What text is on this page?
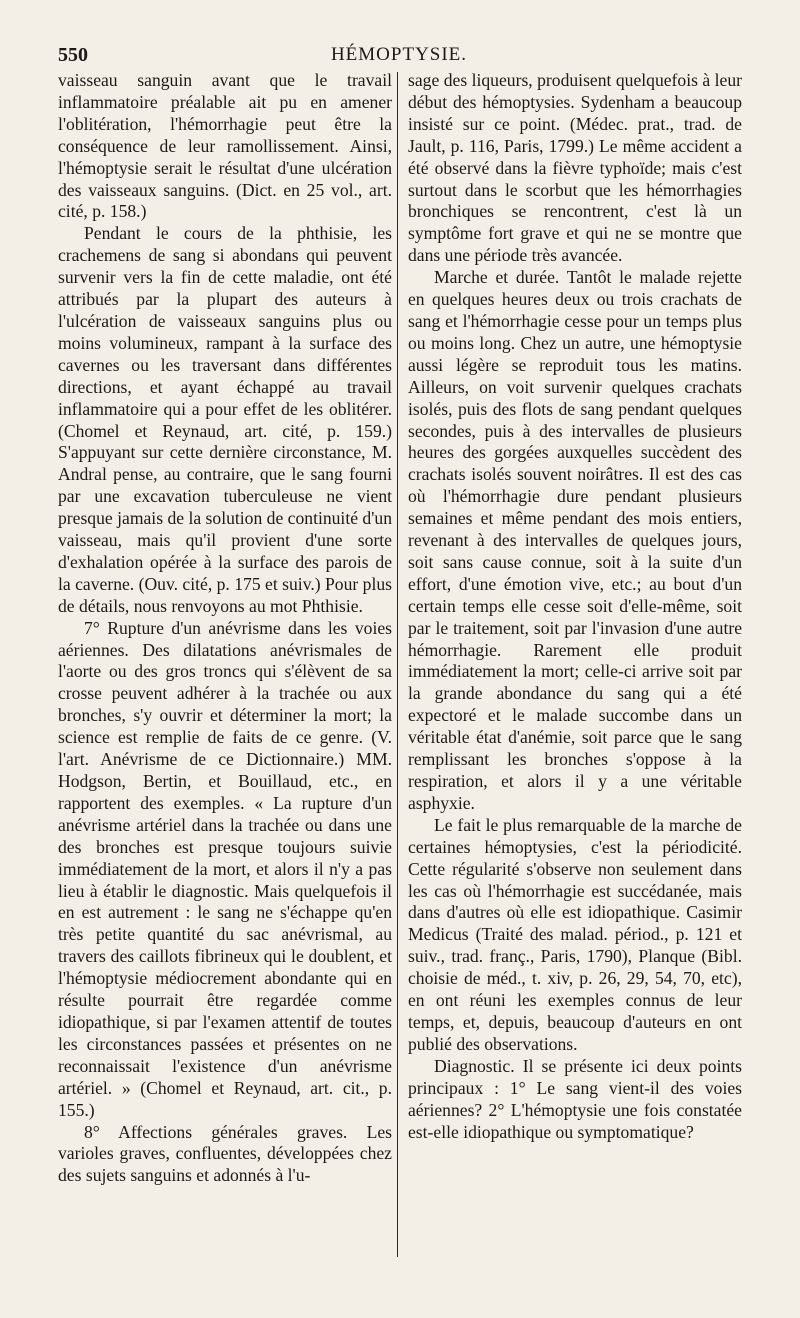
550	HÉMOPTYSIE.

vaisseau sanguin avant que le travail inflammatoire préalable ait pu en amener l'oblitération, l'hémorrhagie peut être la conséquence de leur ramollissement. Ainsi, l'hémoptysie serait le résultat d'une ulcération des vaisseaux sanguins. (Dict. en 25 vol., art. cité, p. 158.)

Pendant le cours de la phthisie, les crachemens de sang si abondans qui peuvent survenir vers la fin de cette maladie, ont été attribués par la plupart des auteurs à l'ulcération de vaisseaux sanguins plus ou moins volumineux, rampant à la surface des cavernes ou les traversant dans différentes directions, et ayant échappé au travail inflammatoire qui a pour effet de les oblitérer. (Chomel et Reynaud, art. cité, p. 159.) S'appuyant sur cette dernière circonstance, M. Andral pense, au contraire, que le sang fourni par une excavation tuberculeuse ne vient presque jamais de la solution de continuité d'un vaisseau, mais qu'il provient d'une sorte d'exhalation opérée à la surface des parois de la caverne. (Ouv. cité, p. 175 et suiv.) Pour plus de détails, nous renvoyons au mot Phthisie.

7° Rupture d'un anévrisme dans les voies aériennes. Des dilatations anévrismales de l'aorte ou des gros troncs qui s'élèvent de sa crosse peuvent adhérer à la trachée ou aux bronches, s'y ouvrir et déterminer la mort; la science est remplie de faits de ce genre. (V. l'art. Anévrisme de ce Dictionnaire.) MM. Hodgson, Bertin, et Bouillaud, etc., en rapportent des exemples. « La rupture d'un anévrisme artériel dans la trachée ou dans une des bronches est presque toujours suivie immédiatement de la mort, et alors il n'y a pas lieu à établir le diagnostic. Mais quelquefois il en est autrement : le sang ne s'échappe qu'en très petite quantité du sac anévrismal, au travers des caillots fibrineux qui le doublent, et l'hémoptysie médiocrement abondante qui en résulte pourrait être regardée comme idiopathique, si par l'examen attentif de toutes les circonstances passées et présentes on ne reconnaissait l'existence d'un anévrisme artériel. » (Chomel et Reynaud, art. cit., p. 155.)

8° Affections générales graves. Les varioles graves, confluentes, développées chez des sujets sanguins et adonnés à l'u-

sage des liqueurs, produisent quelquefois à leur début des hémoptysies. Sydenham a beaucoup insisté sur ce point. (Médec. prat., trad. de Jault, p. 116, Paris, 1799.) Le même accident a été observé dans la fièvre typhoïde; mais c'est surtout dans le scorbut que les hémorrhagies bronchiques se rencontrent, c'est là un symptôme fort grave et qui ne se montre que dans une période très avancée.

Marche et durée. Tantôt le malade rejette en quelques heures deux ou trois crachats de sang et l'hémorrhagie cesse pour un temps plus ou moins long. Chez un autre, une hémoptysie aussi légère se reproduit tous les matins. Ailleurs, on voit survenir quelques crachats isolés, puis des flots de sang pendant quelques secondes, puis à des intervalles de plusieurs heures des gorgées auxquelles succèdent des crachats isolés souvent noirâtres. Il est des cas où l'hémorrhagie dure pendant plusieurs semaines et même pendant des mois entiers, revenant à des intervalles de quelques jours, soit sans cause connue, soit à la suite d'un effort, d'une émotion vive, etc.; au bout d'un certain temps elle cesse soit d'elle-même, soit par le traitement, soit par l'invasion d'une autre hémorrhagie. Rarement elle produit immédiatement la mort; celle-ci arrive soit par la grande abondance du sang qui a été expectoré et le malade succombe dans un véritable état d'anémie, soit parce que le sang remplissant les bronches s'oppose à la respiration, et alors il y a une véritable asphyxie.

Le fait le plus remarquable de la marche de certaines hémoptysies, c'est la périodicité. Cette régularité s'observe non seulement dans les cas où l'hémorrhagie est succédanée, mais dans d'autres où elle est idiopathique. Casimir Medicus (Traité des malad. périod., p. 121 et suiv., trad. franç., Paris, 1790), Planque (Bibl. choisie de méd., t. xiv, p. 26, 29, 54, 70, etc), en ont réuni les exemples connus de leur temps, et, depuis, beaucoup d'auteurs en ont publié des observations.

Diagnostic. Il se présente ici deux points principaux : 1° Le sang vient-il des voies aériennes? 2° L'hémoptysie une fois constatée est-elle idiopathique ou symptomatique?
